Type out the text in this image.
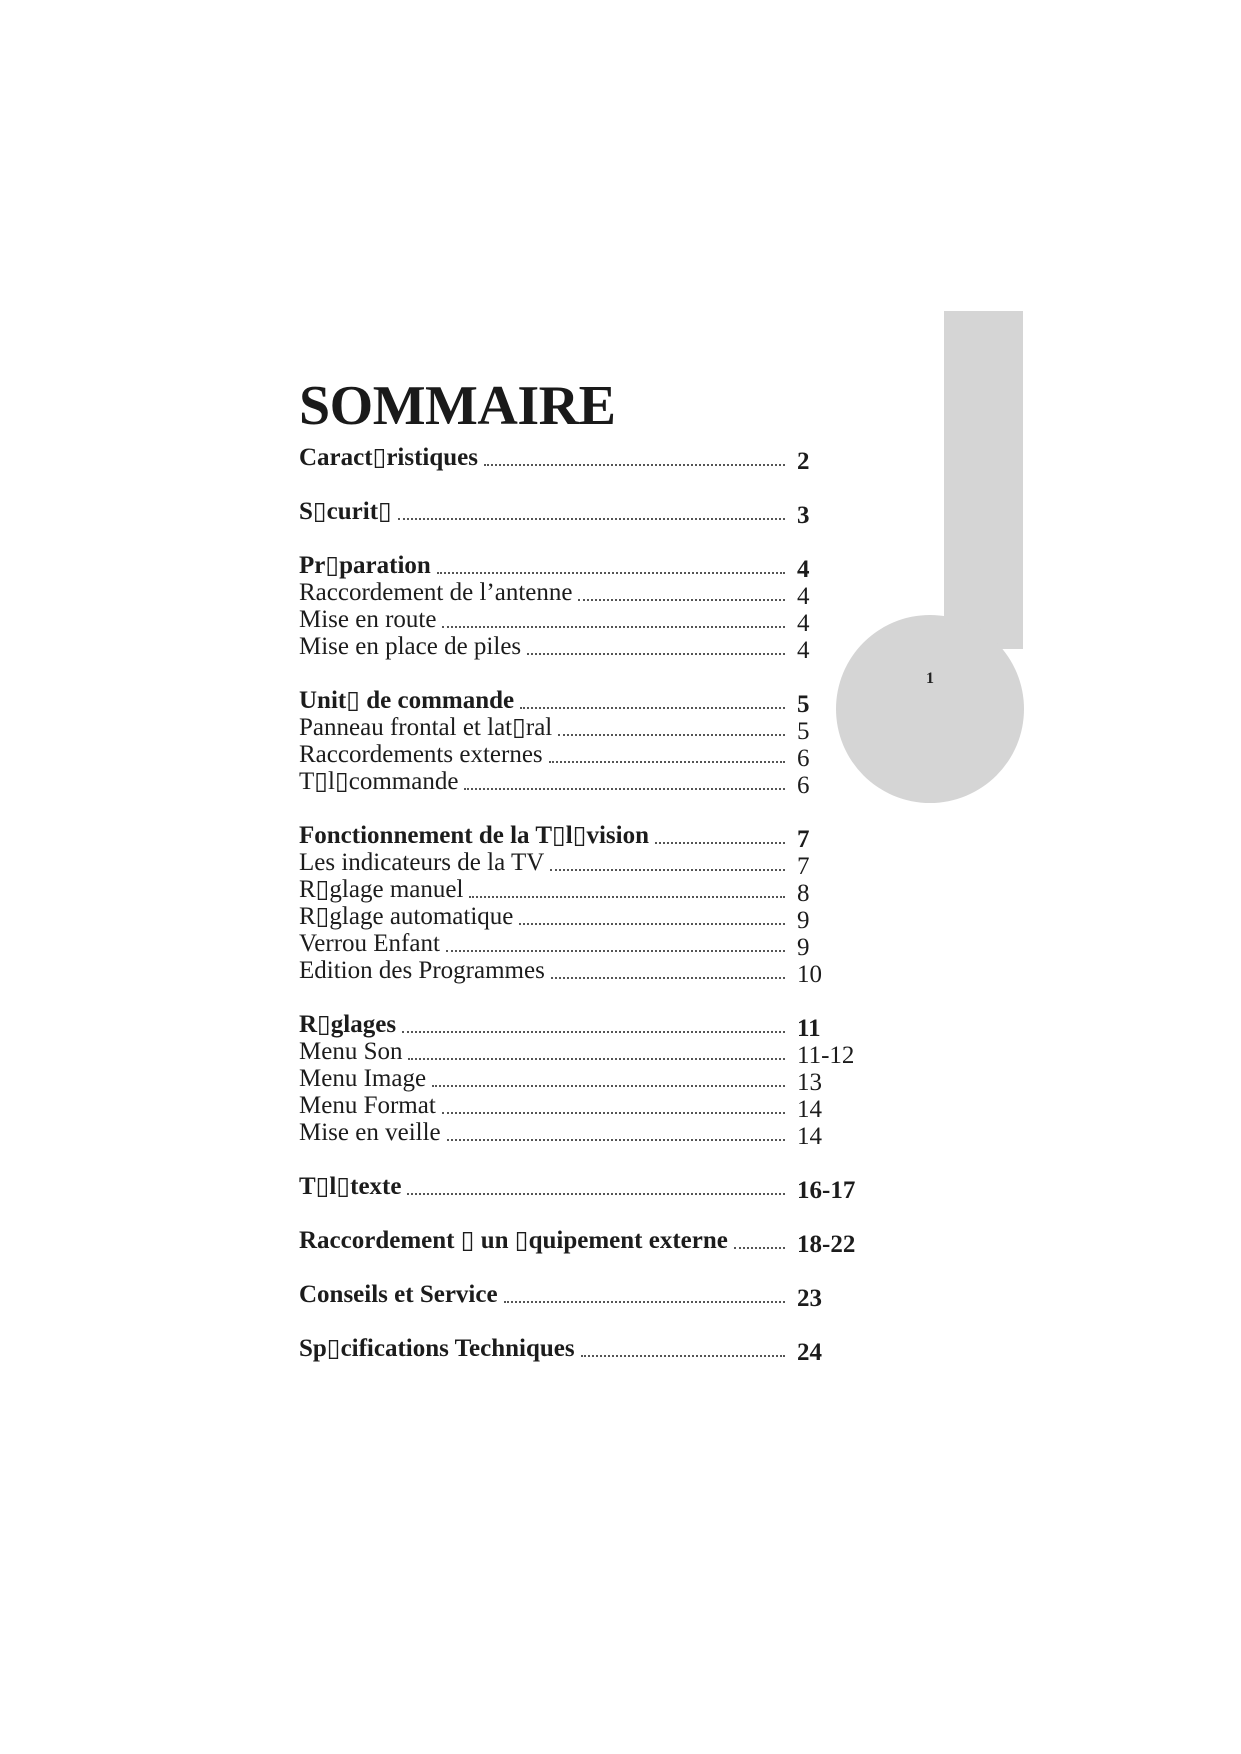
1
SOMMAIRE
Caract▯ristiques	2
S▯curit▯	3
Pr▯paration	4
Raccordement de l’antenne	4
Mise en route	4
Mise en place de piles	4
Unit▯ de commande	5
Panneau frontal et lat▯ral	5
Raccordements externes	6
T▯l▯commande	6
Fonctionnement de la T▯l▯vision	7
Les indicateurs de la TV	7
R▯glage manuel	8
R▯glage automatique	9
Verrou Enfant	9
Edition des Programmes	10
R▯glages	11
Menu Son	11-12
Menu Image	13
Menu Format	14
Mise en veille	14
T▯l▯texte	16-17
Raccordement ▯ un ▯quipement externe	18-22
Conseils et Service	23
Sp▯cifications Techniques	24
